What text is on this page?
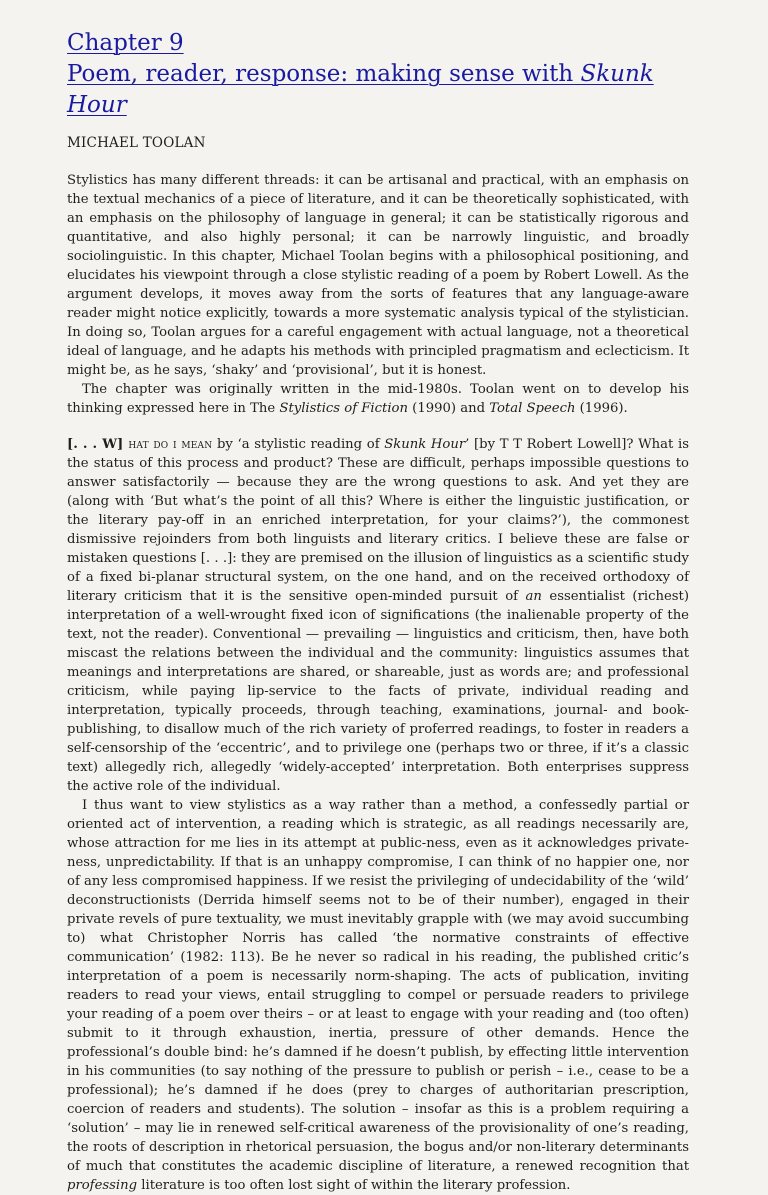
Chapter 9
Poem, reader, response: making sense with Skunk Hour
MICHAEL TOOLAN

Stylistics has many different threads: it can be artisanal and practical, with an emphasis on the textual mechanics of a piece of literature, and it can be theoretically sophisticated, with an emphasis on the philosophy of language in general; it can be statistically rigorous and quantitative, and also highly personal; it can be narrowly linguistic, and broadly sociolinguistic. In this chapter, Michael Toolan begins with a philosophical positioning, and elucidates his viewpoint through a close stylistic reading of a poem by Robert Lowell. As the argument develops, it moves away from the sorts of features that any language-aware reader might notice explicitly, towards a more systematic analysis typical of the stylistician. In doing so, Toolan argues for a careful engagement with actual language, not a theoretical ideal of language, and he adapts his methods with principled pragmatism and eclecticism. It might be, as he says, ‘shaky’ and ‘provisional’, but it is honest.

The chapter was originally written in the mid-1980s. Toolan went on to develop his thinking expressed here in The Stylistics of Fiction (1990) and Total Speech (1996).

[. . . W] hat do i mean by ‘a stylistic reading of Skunk Hour’ [by T T Robert Lowell]? What is the status of this process and product? These are difficult, perhaps impossible questions to answer satisfactorily — because they are the wrong questions to ask. And yet they are (along with ‘But what’s the point of all this? Where is either the linguistic justification, or the literary pay-off in an enriched interpretation, for your claims?’), the commonest dismissive rejoinders from both linguists and literary critics. I believe these are false or mistaken questions [. . .]: they are premised on the illusion of linguistics as a scientific study of a fixed bi-planar structural system, on the one hand, and on the received orthodoxy of literary criticism that it is the sensitive open-minded pursuit of an essentialist (richest) interpretation of a well-wrought fixed icon of significations (the inalienable property of the text, not the reader). Conventional — prevailing — linguistics and criticism, then, have both miscast the relations between the individual and the community: linguistics assumes that meanings and interpretations are shared, or shareable, just as words are; and professional criticism, while paying lip-service to the facts of private, individual reading and interpretation, typically proceeds, through teaching, examinations, journal- and book-publishing, to disallow much of the rich variety of proferred readings, to foster in readers a self-censorship of the ‘eccentric’, and to privilege one (perhaps two or three, if it’s a classic text) allegedly rich, allegedly ‘widely-accepted’ interpretation. Both enterprises suppress the active role of the individual.

I thus want to view stylistics as a way rather than a method, a confessedly partial or oriented act of intervention, a reading which is strategic, as all readings necessarily are, whose attraction for me lies in its attempt at public-ness, even as it acknowledges private-ness, unpredictability. If that is an unhappy compromise, I can think of no happier one, nor of any less compromised happiness. If we resist the privileging of undecidability of the ‘wild’ deconstructionists (Derrida himself seems not to be of their number), engaged in their private revels of pure textuality, we must inevitably grapple with (we may avoid succumbing to) what Christopher Norris has called ‘the normative constraints of effective communication’ (1982: 113). Be he never so radical in his reading, the published critic’s interpretation of a poem is necessarily norm-shaping. The acts of publication, inviting readers to read your views, entail struggling to compel or persuade readers to privilege your reading of a poem over theirs – or at least to engage with your reading and (too often) submit to it through exhaustion, inertia, pressure of other demands. Hence the professional’s double bind: he’s damned if he doesn’t publish, by effecting little intervention in his communities (to say nothing of the pressure to publish or perish – i.e., cease to be a professional); he’s damned if he does (prey to charges of authoritarian prescription, coercion of readers and students). The solution – insofar as this is a problem requiring a ‘solution’ – may lie in renewed self-critical awareness of the provisionality of one’s reading, the roots of description in rhetorical persuasion, the bogus and/or non-literary determinants of much that constitutes the academic discipline of literature, a renewed recognition that professing literature is too often lost sight of within the literary profession.
